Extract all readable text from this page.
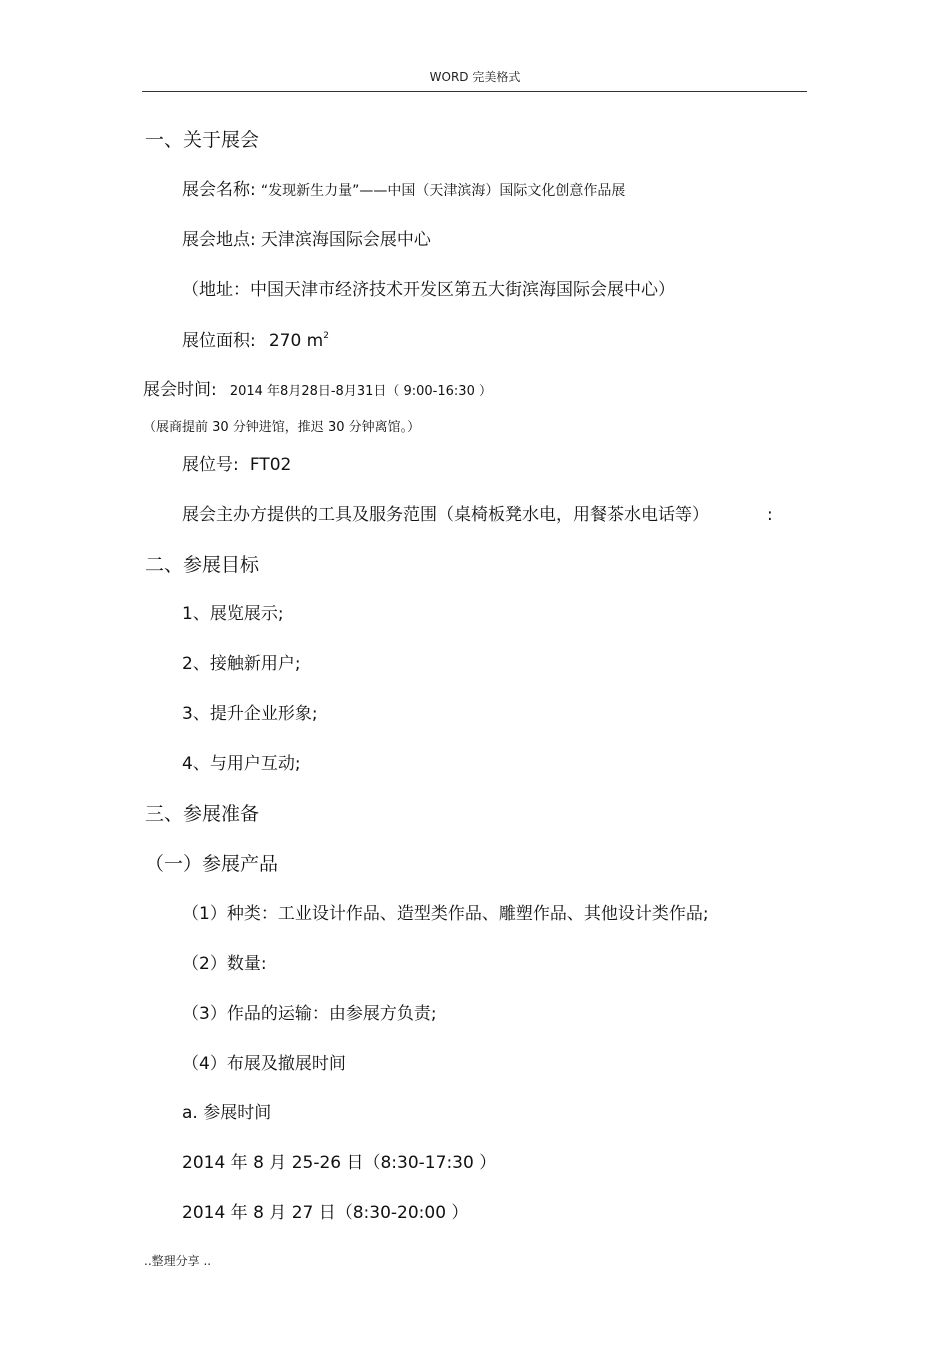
WORD 完美格式
一、关于展会
展会名称: “发现新生力量”——中国（天津滨海）国际文化创意作品展
展会地点: 天津滨海国际会展中心
（地址：中国天津市经济技术开发区第五大街滨海国际会展中心）
展位面积: 270 $m^2$
展会时间: 2014 年8月28日-8月31日（ 9:00-16:30 ）
（展商提前 30 分钟进馆，推迟 30 分钟离馆。）
展位号: FT02
展会主办方提供的工具及服务范围（桌椅板凳水电，用餐茶水电话等）	:
二、参展目标
1、展览展示;
2、接触新用户;
3、提升企业形象;
4、与用户互动;
三、参展准备
（一）参展产品
（1）种类：工业设计作品、造型类作品、雕塑作品、其他设计类作品;
（2）数量:
（3）作品的运输：由参展方负责;
（4）布展及撤展时间
a. 参展时间
2014 年 8 月 25-26 日（8:30-17:30 ）
2014 年 8 月 27 日（8:30-20:00 ）
..整理分享 ..
